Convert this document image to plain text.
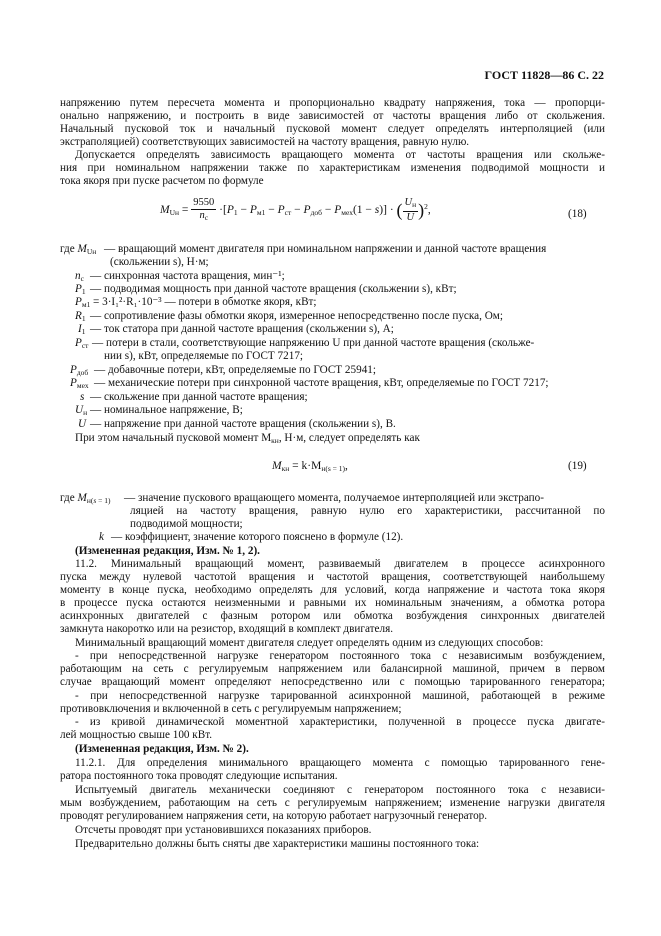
ГОСТ 11828—86 С. 22
напряжению путем пересчета момента и пропорционально квадрату напряжения, тока — пропорци-
онально напряжению, и построить в виде зависимостей от частоты вращения либо от скольжения.
Начальный пусковой ток и начальный пусковой момент следует определять интерполяцией (или
экстраполяцией) соответствующих зависимостей на частоту вращения, равную нулю.
Допускается определять зависимость вращающего момента от частоты вращения или скольже-
ния при номинальном напряжении также по характеристикам изменения подводимой мощности и
тока якоря при пуске расчетом по формуле
$M_{Uн} = \frac{9550}{n_c} \cdot[P_1 - P_{м1} - P_{ст} - P_{доб} - P_{мех}(1 - s)]$ · ( $U_н$
U )$^2$,	(18)
где $M_{Uн}$ — вращающий момент двигателя при номинальном напряжении и данной частоте вращения
(скольжении s), Н·м;
$n_c$ — синхронная частота вращения, мин⁻¹;
$P_1$ — подводимая мощность при данной частоте вращения (скольжении s), кВт;
$P_{м1} = 3\cdot I_1^2\cdot R_1\cdot 10^{-3}$ — потери в обмотке якоря, кВт;
$R_1$ — сопротивление фазы обмотки якоря, измеренное непосредственно после пуска, Ом;
$I_1$ — ток статора при данной частоте вращения (скольжении s), А;
$P_{ст}$ — потери в стали, соответствующие напряжению U при данной частоте вращения (скольже-
нии s), кВт, определяемые по ГОСТ 7217;
$P_{доб}$ — добавочные потери, кВт, определяемые по ГОСТ 25941;
$P_{мех}$ — механические потери при синхронной частоте вращения, кВт, определяемые по ГОСТ 7217;
s — скольжение при данной частоте вращения;
$U_н$ — номинальное напряжение, В;
U — напряжение при данной частоте вращения (скольжении s), В.
При этом начальный пусковой момент $M_{кн}$, Н·м, следует определять как
$M_{кн} = k\cdot M_{н(s = 1)}$,	(19)
где $M_{н(s = 1)}$ — значение пускового вращающего момента, получаемое интерполяцией или экстрапо-
ляцией на частоту вращения, равную нулю его характеристики, рассчитанной по
подводимой мощности;
k — коэффициент, значение которого пояснено в формуле (12).
(Измененная редакция, Изм. № 1, 2).
11.2. Минимальный вращающий момент, развиваемый двигателем в процессе асинхронного
пуска между нулевой частотой вращения и частотой вращения, соответствующей наибольшему
моменту в конце пуска, необходимо определять для условий, когда напряжение и частота тока якоря
в процессе пуска остаются неизменными и равными их номинальным значениям, а обмотка ротора
асинхронных двигателей с фазным ротором или обмотка возбуждения синхронных двигателей
замкнута накоротко или на резистор, входящий в комплект двигателя.
Минимальный вращающий момент двигателя следует определять одним из следующих способов:
- при непосредственной нагрузке генератором постоянного тока с независимым возбуждением,
работающим на сеть с регулируемым напряжением или балансирной машиной, причем в первом
случае вращающий момент определяют непосредственно или с помощью тарированного генератора;
- при непосредственной нагрузке тарированной асинхронной машиной, работающей в режиме
противовключения и включенной в сеть с регулируемым напряжением;
- из кривой динамической моментной характеристики, полученной в процессе пуска двигате-
лей мощностью свыше 100 кВт.
(Измененная редакция, Изм. № 2).
11.2.1. Для определения минимального вращающего момента с помощью тарированного гене-
ратора постоянного тока проводят следующие испытания.
Испытуемый двигатель механически соединяют с генератором постоянного тока с независи-
мым возбуждением, работающим на сеть с регулируемым напряжением; изменение нагрузки двигателя
проводят регулированием напряжения сети, на которую работает нагрузочный генератор.
Отсчеты проводят при установившихся показаниях приборов.
Предварительно должны быть сняты две характеристики машины постоянного тока:
